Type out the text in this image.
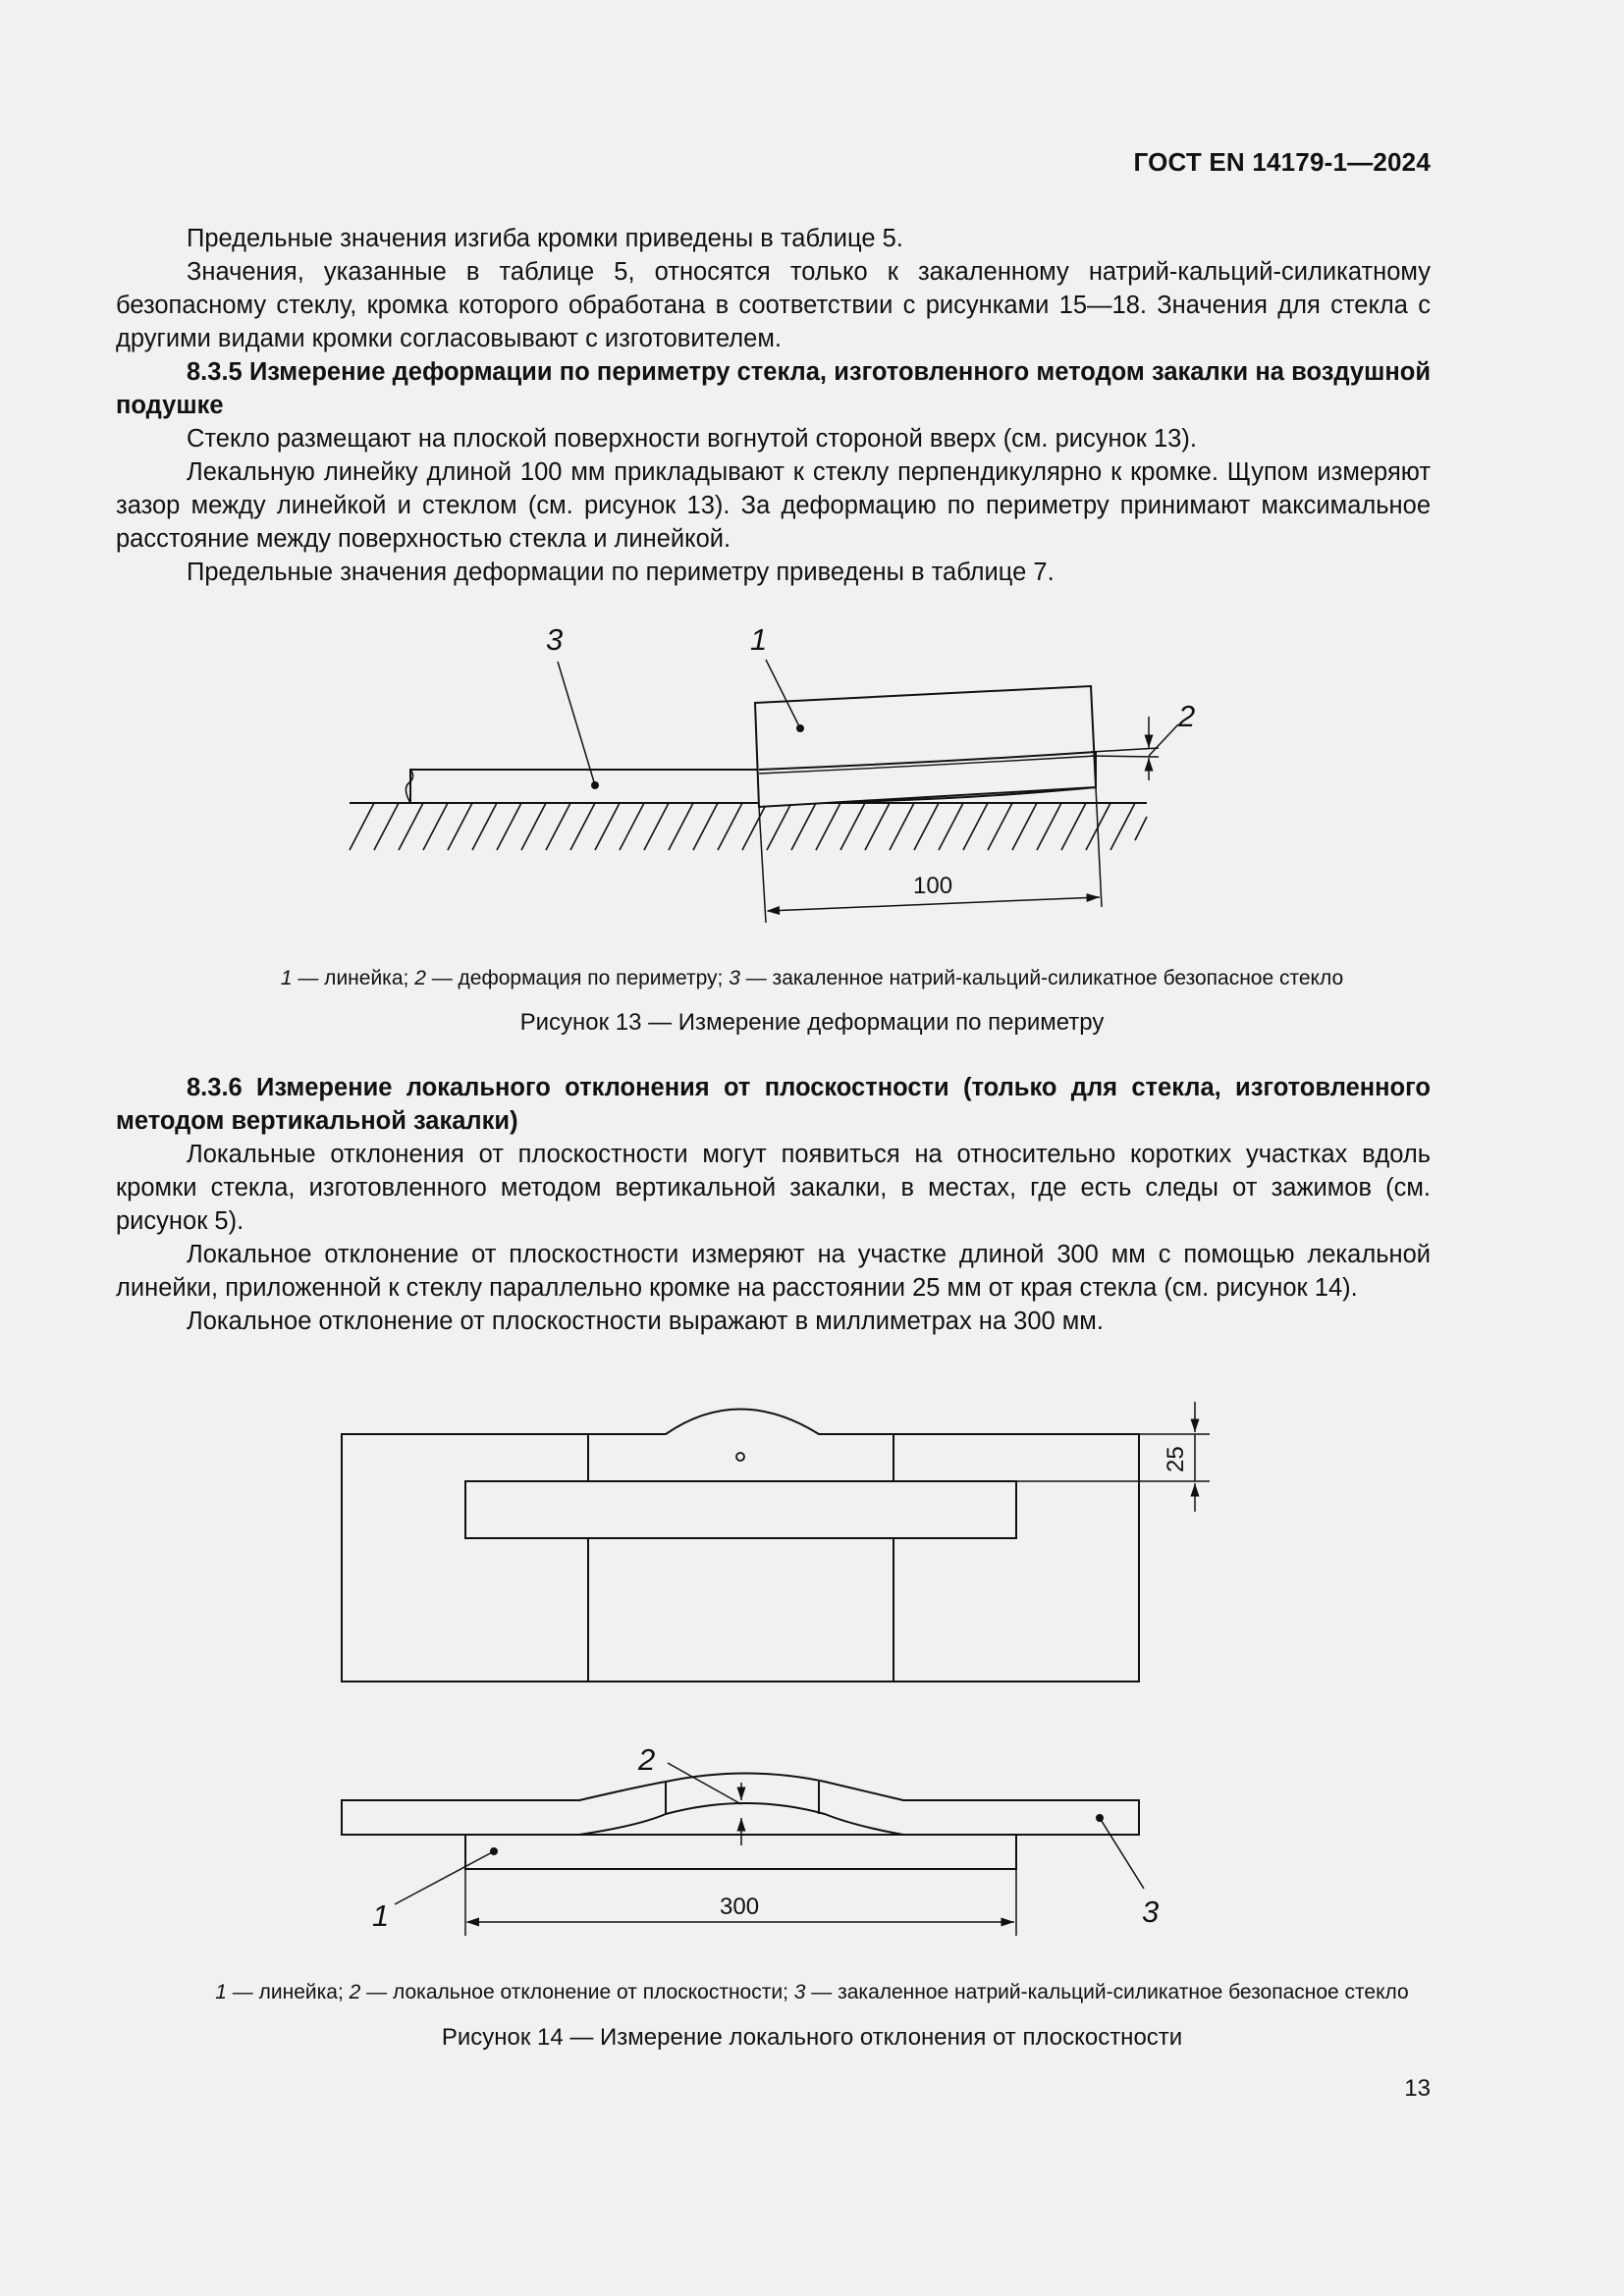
ГОСТ EN 14179-1—2024

Предельные значения изгиба кромки приведены в таблице 5.

Значения, указанные в таблице 5, относятся только к закаленному натрий-кальций-силикатному безопасному стеклу, кромка которого обработана в соответствии с рисунками 15—18. Значения для стекла с другими видами кромки согласовывают с изготовителем.

8.3.5 Измерение деформации по периметру стекла, изготовленного методом закалки на воздушной подушке

Стекло размещают на плоской поверхности вогнутой стороной вверх (см. рисунок 13).

Лекальную линейку длиной 100 мм прикладывают к стеклу перпендикулярно к кромке. Щупом измеряют зазор между линейкой и стеклом (см. рисунок 13). За деформацию по периметру принимают максимальное расстояние между поверхностью стекла и линейкой.

Предельные значения деформации по периметру приведены в таблице 7.

3	1
2
100
1 — линейка; 2 — деформация по периметру; 3 — закаленное натрий-кальций-силикатное безопасное стекло
Рисунок 13 — Измерение деформации по периметру

8.3.6 Измерение локального отклонения от плоскостности (только для стекла, изготовленного методом вертикальной закалки)

Локальные отклонения от плоскостности могут появиться на относительно коротких участках вдоль кромки стекла, изготовленного методом вертикальной закалки, в местах, где есть следы от зажимов (см. рисунок 5).

Локальное отклонение от плоскостности измеряют на участке длиной 300 мм с помощью лекальной линейки, приложенной к стеклу параллельно кромке на расстоянии 25 мм от края стекла (см. рисунок 14).

Локальное отклонение от плоскостности выражают в миллиметрах на 300 мм.

25
2
1	3
300
1 — линейка; 2 — локальное отклонение от плоскостности; 3 — закаленное натрий-кальций-силикатное безопасное стекло
Рисунок 14 — Измерение локального отклонения от плоскостности
13
